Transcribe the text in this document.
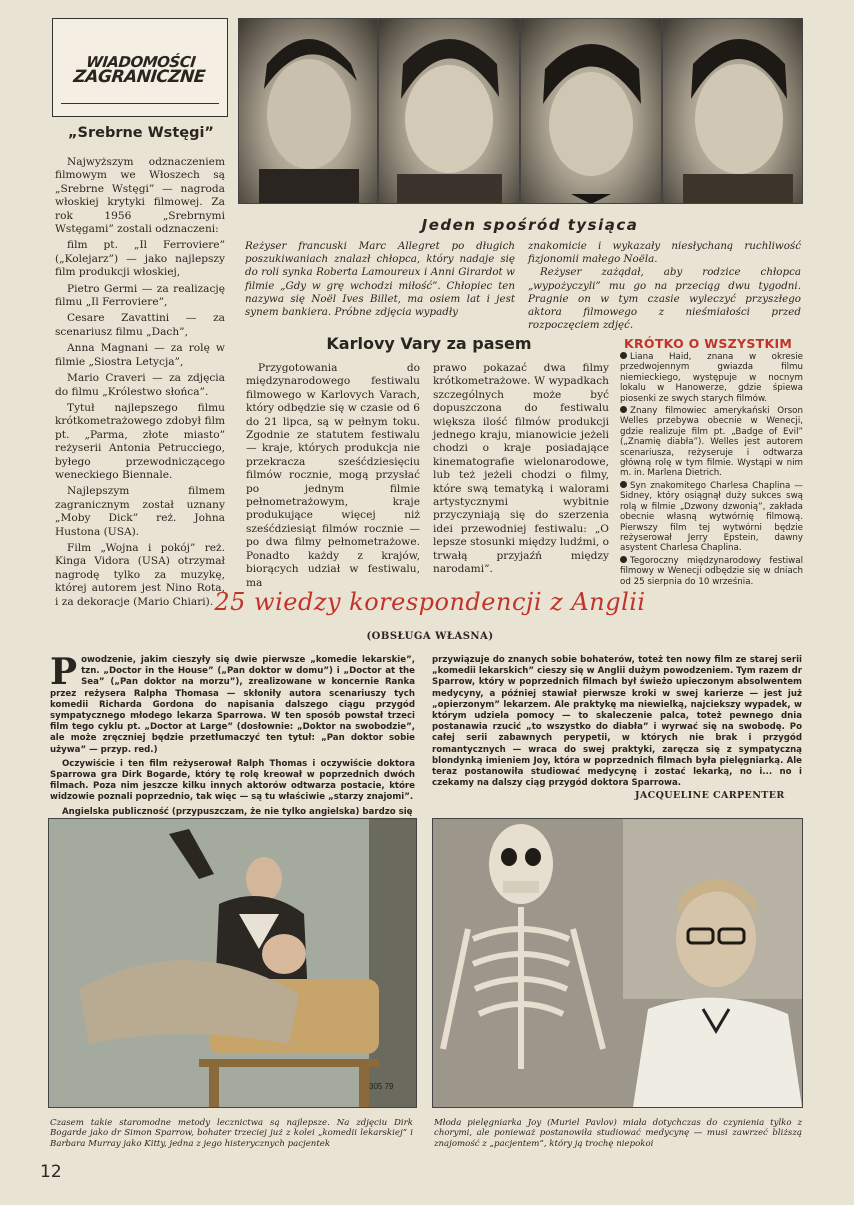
WIADOMOŚCI
ZAGRANICZNE
„Srebrne Wstęgi”

Najwyższym odznaczeniem filmowym we Włoszech są „Srebrne Wstęgi” — nagroda włoskiej krytyki filmowej. Za rok 1956 „Srebrnymi Wstęgami” zostali odznaczeni:

film pt. „Il Ferroviere” („Kolejarz”) — jako najlepszy film produkcji włoskiej,

Pietro Germi — za realizację filmu „Il Ferroviere”,

Cesare Zavattini — za scenariusz filmu „Dach”,

Anna Magnani — za rolę w filmie „Siostra Letycja”,

Mario Craveri — za zdjęcia do filmu „Królestwo słońca”.

Tytuł najlepszego filmu krótkometrażowego zdobył film pt. „Parma, złote miasto” reżyserii Antonia Petrucciego, byłego przewodniczącego weneckiego Biennale.

Najlepszym filmem zagranicznym został uznany „Moby Dick” reż. Johna Hustona (USA).

Film „Wojna i pokój” reż. Kinga Vidora (USA) otrzymał nagrodę tylko za muzykę, której autorem jest Nino Rota, i za dekoracje (Mario Chiari).

Jeden spośród tysiąca
Reżyser francuski Marc Allegret po długich poszukiwaniach znalazł chłopca, który nadaje się do roli synka Roberta Lamoureux i Anni Girardot w filmie „Gdy w grę wchodzi miłość”. Chłopiec ten nazywa się Noël Ives Billet, ma osiem lat i jest synem bankiera. Próbne zdjęcia wypadły
znakomicie i wykazały niesłychaną ruchliwość fizjonomii małego Noëla.
Reżyser zażądał, aby rodzice chłopca „wypożyczyli” mu go na przeciąg dwu tygodni. Pragnie on w tym czasie wyleczyć przyszłego aktora filmowego z nieśmiałości przed rozpoczęciem zdjęć.
Karlovy Vary za pasem

Przygotowania do międzynarodowego festiwalu filmowego w Karlovych Varach, który odbędzie się w czasie od 6 do 21 lipca, są w pełnym toku. Zgodnie ze statutem festiwalu — kraje, których produkcja nie przekracza sześćdziesięciu filmów rocznie, mogą przysłać po jednym filmie pełnometrażowym, kraje produkujące więcej niż sześćdziesiąt filmów rocznie — po dwa filmy pełnometrażowe. Ponadto każdy z krajów, biorących udział w festiwalu, ma

prawo pokazać dwa filmy krótkometrażowe. W wypadkach szczególnych może być dopuszczona do festiwalu większa ilość filmów produkcji jednego kraju, mianowicie jeżeli chodzi o kraje posiadające kinematografie wielonarodowe, lub też jeżeli chodzi o filmy, które swą tematyką i walorami artystycznymi wybitnie przyczyniają się do szerzenia idei przewodniej festiwalu: „O lepsze stosunki między ludźmi, o trwałą przyjaźń między narodami”.
KRÓTKO O WSZYSTKIM
Liana Haid, znana w okresie przedwojennym gwiazda filmu niemieckiego, występuje w nocnym lokalu w Hanowerze, gdzie śpiewa piosenki ze swych starych filmów.
Znany filmowiec amerykański Orson Welles przebywa obecnie w Wenecji, gdzie realizuje film pt. „Badge of Evil” („Znamię diabła”). Welles jest autorem scenariusza, reżyseruje i odtwarza główną rolę w tym filmie. Wystąpi w nim m. in. Marlena Dietrich.
Syn znakomitego Charlesa Chaplina — Sidney, który osiągnął duży sukces swą rolą w filmie „Dzwony dzwonią”, zakłada obecnie własną wytwórnię filmową. Pierwszy film tej wytwórni będzie reżyserował Jerry Epstein, dawny asystent Charlesa Chaplina.
Tegoroczny międzynarodowy festiwal filmowy w Wenecji odbędzie się w dniach od 25 sierpnia do 10 września.
25 wiedzy korespondencji z Anglii
(OBSŁUGA WŁASNA)

Powodzenie, jakim cieszyły się dwie pierwsze „komedie lekarskie”, tzn. „Doctor in the House” („Pan doktor w domu”) i „Doctor at the Sea” („Pan doktor na morzu”), zrealizowane w koncernie Ranka przez reżysera Ralpha Thomasa — skłoniły autora scenariuszy tych komedii Richarda Gordona do napisania dalszego ciągu przygód sympatycznego młodego lekarza Sparrowa. W ten sposób powstał trzeci film tego cyklu pt. „Doctor at Large” (dosłownie: „Doktor na swobodzie”, ale może zręczniej będzie przetłumaczyć ten tytuł: „Pan doktor sobie używa” — przyp. red.)

Oczywiście i ten film reżyserował Ralph Thomas i oczywiście doktora Sparrowa gra Dirk Bogarde, który tę rolę kreował w poprzednich dwóch filmach. Poza nim jeszcze kilku innych aktorów odtwarza postacie, które widzowie poznali poprzednio, tak więc — są tu właściwie „starzy znajomi”.

Angielska publiczność (przypuszczam, że nie tylko angielska) bardzo się

przywiązuje do znanych sobie bohaterów, toteż ten nowy film ze starej serii „komedii lekarskich” cieszy się w Anglii dużym powodzeniem. Tym razem dr Sparrow, który w poprzednich filmach był świeżo upieczonym absolwentem medycyny, a później stawiał pierwsze kroki w swej karierze — jest już „opierzonym” lekarzem. Ale praktykę ma niewielką, najciekszy wypadek, w którym udziela pomocy — to skaleczenie palca, toteż pewnego dnia postanawia rzucić „to wszystko do diabła” i wyrwać się na swobodę. Po całej serii zabawnych perypetii, w których nie brak i przygód romantycznych — wraca do swej praktyki, zaręcza się z sympatyczną blondynką imieniem Joy, która w poprzednich filmach była pielęgniarką. Ale teraz postanowiła studiować medycynę i zostać lekarką, no i... no i czekamy na dalszy ciąg przygód doktora Sparrowa.
JACQUELINE CARPENTER
305 79
Czasem takie staromodne metody lecznictwa są najlepsze. Na zdjęciu Dirk Bogarde jako dr Simon Sparrow, bohater trzeciej już z kolei „komedii lekarskiej” i Barbara Murray jako Kitty, jedna z jego histerycznych pacjentek
Młoda pielęgniarka Joy (Muriel Pavlov) miała dotychczas do czynienia tylko z chorymi, ale ponieważ postanowiła studiować medycynę — musi zawrzeć bliższą znajomość z „pacjentem”, który ją trochę niepokoi
12
